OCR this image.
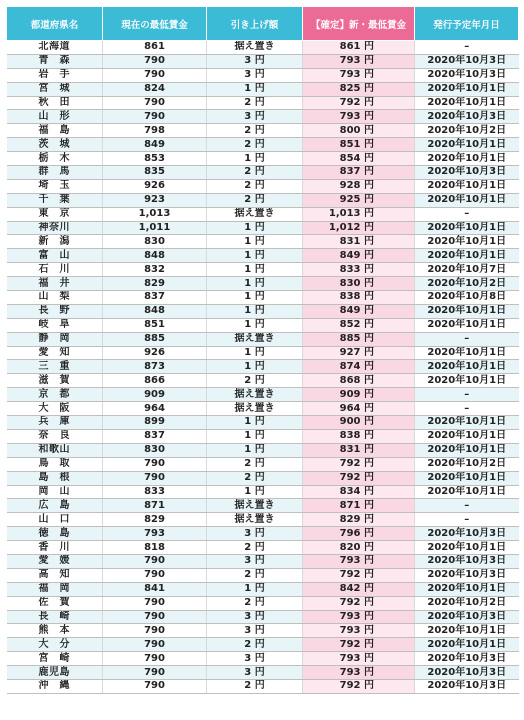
都道府県名	現在の最低賃金	引き上げ額	【確定】新・最低賃金	発行予定年月日
北海道	861	据え置き	861 円	–
青　森	790	3 円	793 円	2020年10月3日
岩　手	790	3 円	793 円	2020年10月3日
宮　城	824	1 円	825 円	2020年10月1日
秋　田	790	2 円	792 円	2020年10月1日
山　形	790	3 円	793 円	2020年10月3日
福　島	798	2 円	800 円	2020年10月2日
茨　城	849	2 円	851 円	2020年10月1日
栃　木	853	1 円	854 円	2020年10月1日
群　馬	835	2 円	837 円	2020年10月3日
埼　玉	926	2 円	928 円	2020年10月1日
千　葉	923	2 円	925 円	2020年10月1日
東　京	1,013	据え置き	1,013 円	–
神奈川	1,011	1 円	1,012 円	2020年10月1日
新　潟	830	1 円	831 円	2020年10月1日
富　山	848	1 円	849 円	2020年10月1日
石　川	832	1 円	833 円	2020年10月7日
福　井	829	1 円	830 円	2020年10月2日
山　梨	837	1 円	838 円	2020年10月8日
長　野	848	1 円	849 円	2020年10月1日
岐　阜	851	1 円	852 円	2020年10月1日
静　岡	885	据え置き	885 円	–
愛　知	926	1 円	927 円	2020年10月1日
三　重	873	1 円	874 円	2020年10月1日
滋　賀	866	2 円	868 円	2020年10月1日
京　都	909	据え置き	909 円	–
大　阪	964	据え置き	964 円	–
兵　庫	899	1 円	900 円	2020年10月1日
奈　良	837	1 円	838 円	2020年10月1日
和歌山	830	1 円	831 円	2020年10月1日
鳥　取	790	2 円	792 円	2020年10月2日
島　根	790	2 円	792 円	2020年10月1日
岡　山	833	1 円	834 円	2020年10月1日
広　島	871	据え置き	871 円	–
山　口	829	据え置き	829 円	–
徳　島	793	3 円	796 円	2020年10月3日
香　川	818	2 円	820 円	2020年10月1日
愛　媛	790	3 円	793 円	2020年10月3日
高　知	790	2 円	792 円	2020年10月3日
福　岡	841	1 円	842 円	2020年10月1日
佐　賀	790	2 円	792 円	2020年10月2日
長　崎	790	3 円	793 円	2020年10月3日
熊　本	790	3 円	793 円	2020年10月1日
大　分	790	2 円	792 円	2020年10月1日
宮　崎	790	3 円	793 円	2020年10月3日
鹿児島	790	3 円	793 円	2020年10月3日
沖　縄	790	2 円	792 円	2020年10月3日
